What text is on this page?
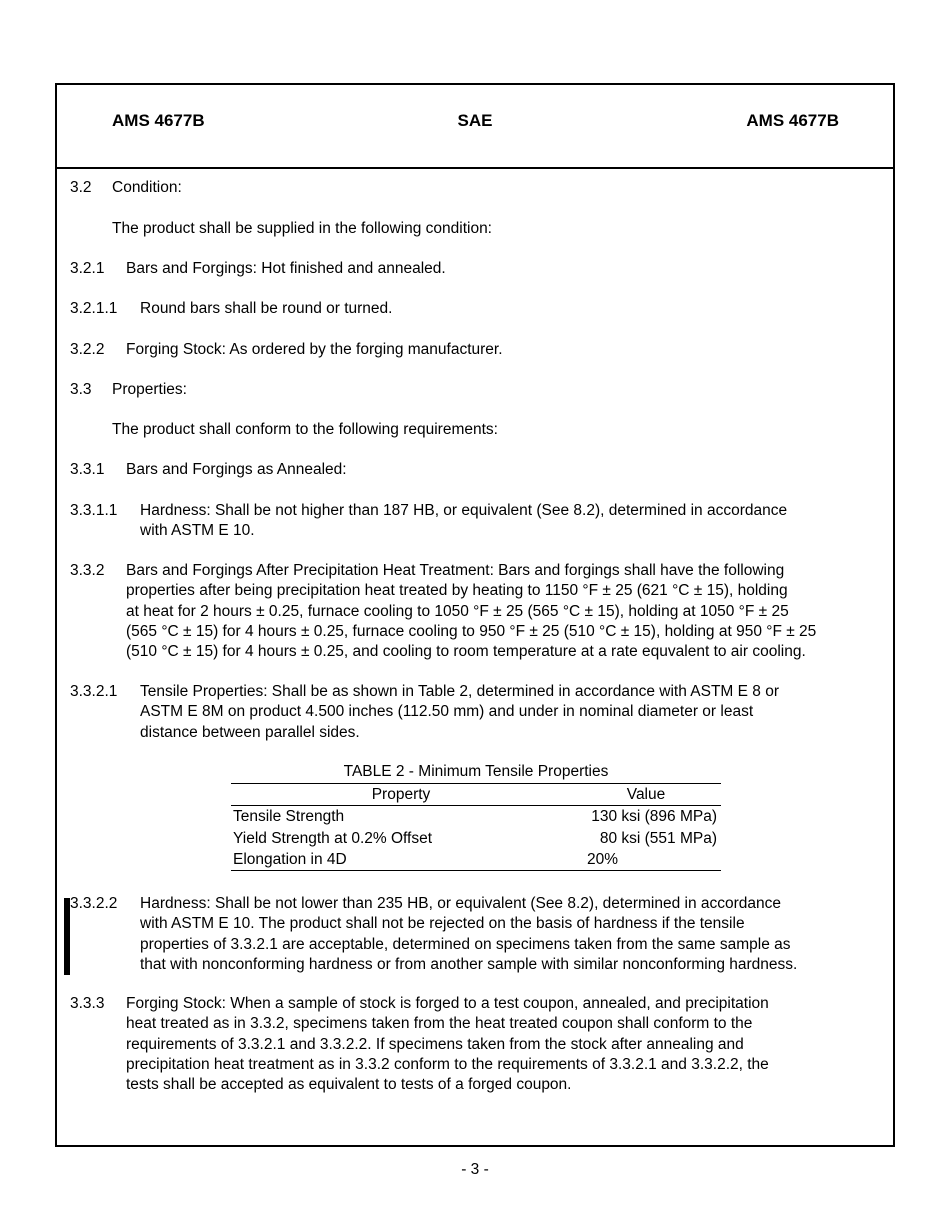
AMS 4677B	SAE	AMS 4677B
3.2 Condition:
The product shall be supplied in the following condition:
3.2.1 Bars and Forgings: Hot finished and annealed.
3.2.1.1 Round bars shall be round or turned.
3.2.2 Forging Stock: As ordered by the forging manufacturer.
3.3 Properties:
The product shall conform to the following requirements:
3.3.1 Bars and Forgings as Annealed:
3.3.1.1 Hardness: Shall be not higher than 187 HB, or equivalent (See 8.2), determined in accordance
with ASTM E 10.
3.3.2 Bars and Forgings After Precipitation Heat Treatment: Bars and forgings shall have the following
properties after being precipitation heat treated by heating to 1150 °F ± 25 (621 °C ± 15), holding
at heat for 2 hours ± 0.25, furnace cooling to 1050 °F ± 25 (565 °C ± 15), holding at 1050 °F ± 25
(565 °C ± 15) for 4 hours ± 0.25, furnace cooling to 950 °F ± 25 (510 °C ± 15), holding at 950 °F ± 25
(510 °C ± 15) for 4 hours ± 0.25, and cooling to room temperature at a rate equvalent to air cooling.
3.3.2.1 Tensile Properties: Shall be as shown in Table 2, determined in accordance with ASTM E 8 or
ASTM E 8M on product 4.500 inches (112.50 mm) and under in nominal diameter or least
distance between parallel sides.
TABLE 2 - Minimum Tensile Properties
Property	Value
Tensile Strength	130 ksi (896 MPa)
Yield Strength at 0.2% Offset	80 ksi (551 MPa)
Elongation in 4D	20%
3.3.2.2 Hardness: Shall be not lower than 235 HB, or equivalent (See 8.2), determined in accordance
with ASTM E 10. The product shall not be rejected on the basis of hardness if the tensile
properties of 3.3.2.1 are acceptable, determined on specimens taken from the same sample as
that with nonconforming hardness or from another sample with similar nonconforming hardness.
3.3.3 Forging Stock: When a sample of stock is forged to a test coupon, annealed, and precipitation
heat treated as in 3.3.2, specimens taken from the heat treated coupon shall conform to the
requirements of 3.3.2.1 and 3.3.2.2. If specimens taken from the stock after annealing and
precipitation heat treatment as in 3.3.2 conform to the requirements of 3.3.2.1 and 3.3.2.2, the
tests shall be accepted as equivalent to tests of a forged coupon.
- 3 -
